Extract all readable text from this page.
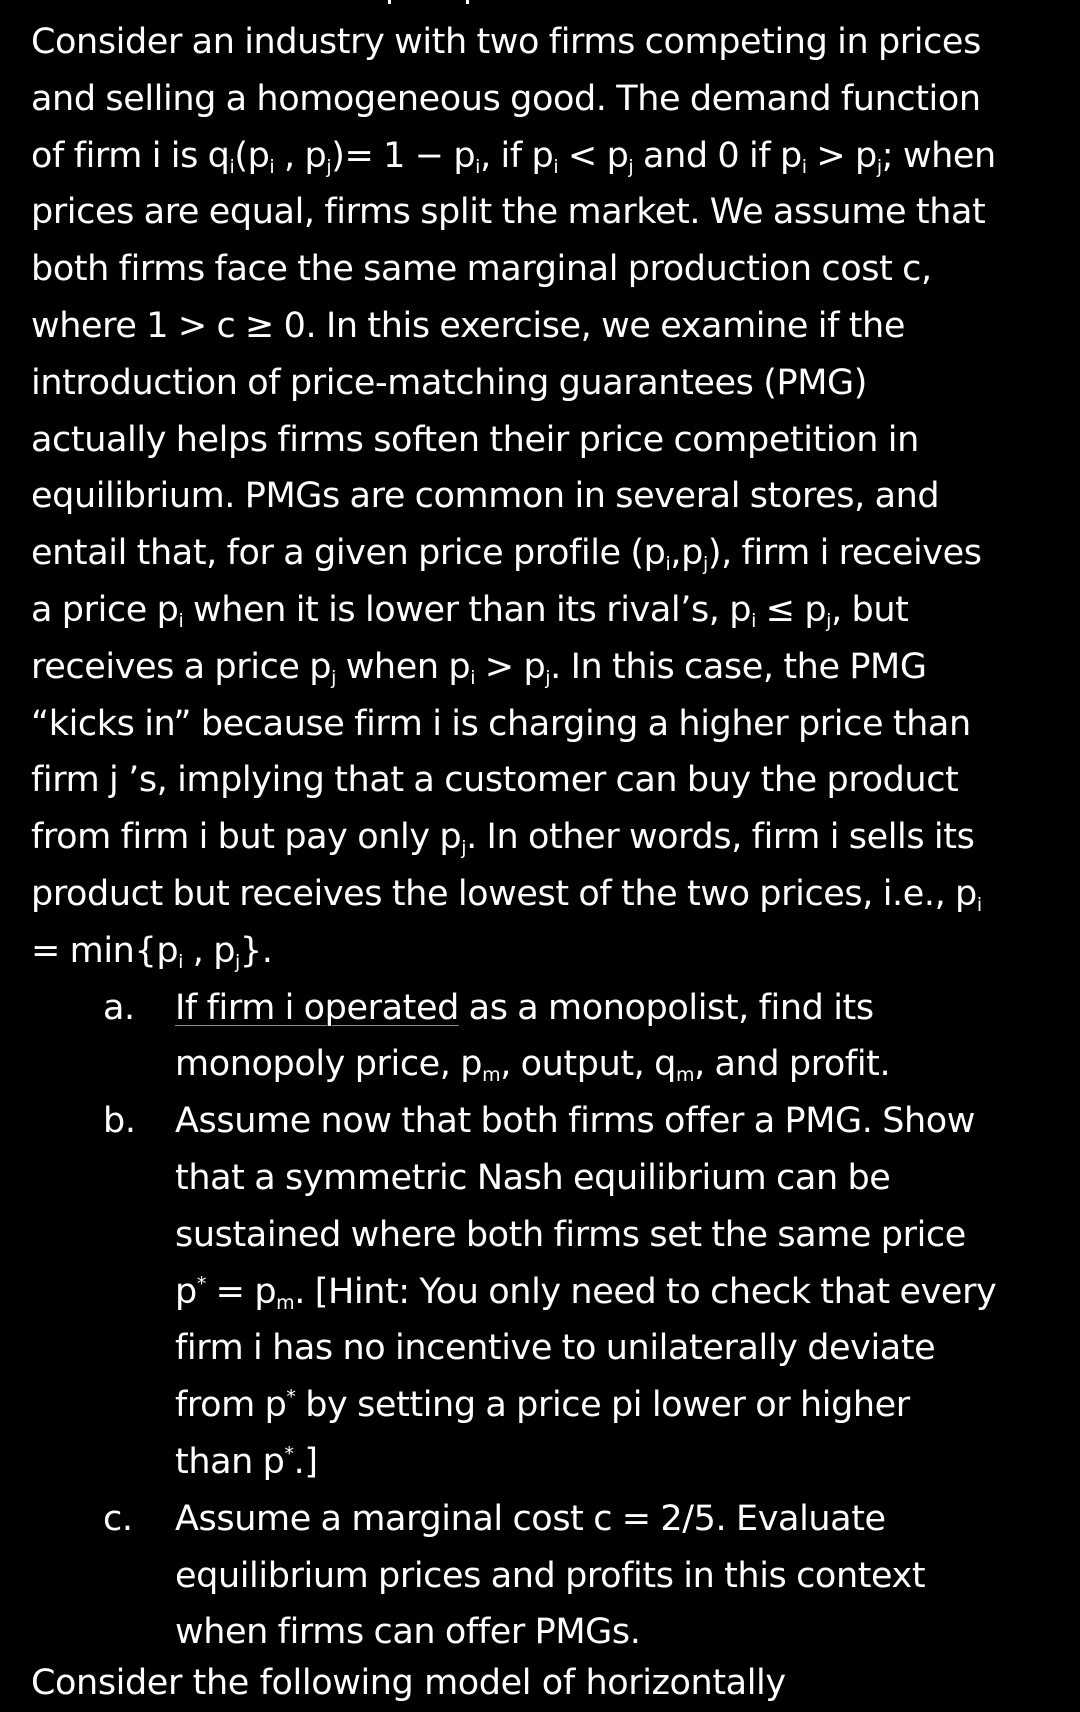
Consider an industry with two firms competing in prices
and selling a homogeneous good. The demand function
of firm i is $q_i(p_i$ , $p_j)= 1 - p_i$, if $p_i < p_j$ and 0 if $p_i > p_j$; when
prices are equal, firms split the market. We assume that
both firms face the same marginal production cost c,
where 1 > c ≥ 0. In this exercise, we examine if the
introduction of price-matching guarantees (PMG)
actually helps firms soften their price competition in
equilibrium. PMGs are common in several stores, and
entail that, for a given price profile $(p_i,p_j)$, firm i receives
a price $p_i$ when it is lower than its rival’s, $p_i \le p_j$, but
receives a price $p_j$ when $p_i > p_j$. In this case, the PMG
“kicks in” because firm i is charging a higher price than
firm j ’s, implying that a customer can buy the product
from firm i but pay only $p_j$. In other words, firm i sells its
product but receives the lowest of the two prices, i.e., $p_i$
= $\min\{p_i$ , $p_j$}.
a. If firm i operated as a monopolist, find its
monopoly price, $p_m$, output, $q_m$, and profit.
b. Assume now that both firms offer a PMG. Show
that a symmetric Nash equilibrium can be
sustained where both firms set the same price
$p^* = p_m$. [Hint: You only need to check that every
firm i has no incentive to unilaterally deviate
from p* by setting a price pi lower or higher
than p*.]
c. Assume a marginal cost c = 2/5. Evaluate
equilibrium prices and profits in this context
when firms can offer PMGs.
Consider the following model of horizontally
